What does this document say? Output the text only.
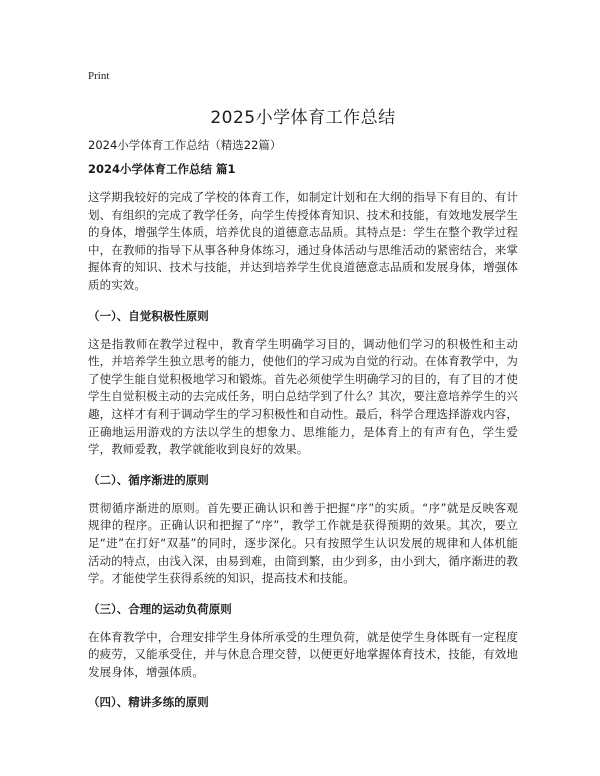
Print
2025小学体育工作总结

2024小学体育工作总结（精选22篇）

2024小学体育工作总结 篇1

这学期我较好的完成了学校的体育工作，如制定计划和在大纲的指导下有目的、有计划、有组织的完成了教学任务，向学生传授体育知识、技术和技能，有效地发展学生的身体，增强学生体质，培养优良的道德意志品质。其特点是：学生在整个教学过程中，在教师的指导下从事各种身体练习，通过身体活动与思维活动的紧密结合，来掌握体育的知识、技术与技能，并达到培养学生优良道德意志品质和发展身体，增强体质的实效。

（一）、自觉积极性原则

这是指教师在教学过程中，教育学生明确学习目的，调动他们学习的积极性和主动性，并培养学生独立思考的能力，使他们的学习成为自觉的行动。在体育教学中，为了使学生能自觉积极地学习和锻炼。首先必须使学生明确学习的目的，有了目的才使学生自觉积极主动的去完成任务，明白总结学到了什么？其次，要注意培养学生的兴趣，这样才有利于调动学生的学习积极性和自动性。最后，科学合理选择游戏内容，正确地运用游戏的方法以学生的想象力、思维能力，是体育上的有声有色，学生爱学，教师爱教，教学就能收到良好的效果。

（二）、循序渐进的原则

贯彻循序渐进的原则。首先要正确认识和善于把握“序”的实质。“序”就是反映客观规律的程序。正确认识和把握了“序”，教学工作就是获得预期的效果。其次，要立足“进”在打好“双基”的同时，逐步深化。只有按照学生认识发展的规律和人体机能活动的特点，由浅入深，由易到难，由简到繁，由少到多，由小到大，循序渐进的教学。才能使学生获得系统的知识，提高技术和技能。

（三）、合理的运动负荷原则

在体育教学中，合理安排学生身体所承受的生理负荷，就是使学生身体既有一定程度的疲劳，又能承受住，并与休息合理交替，以便更好地掌握体育技术，技能，有效地发展身体，增强体质。

（四）、精讲多练的原则
